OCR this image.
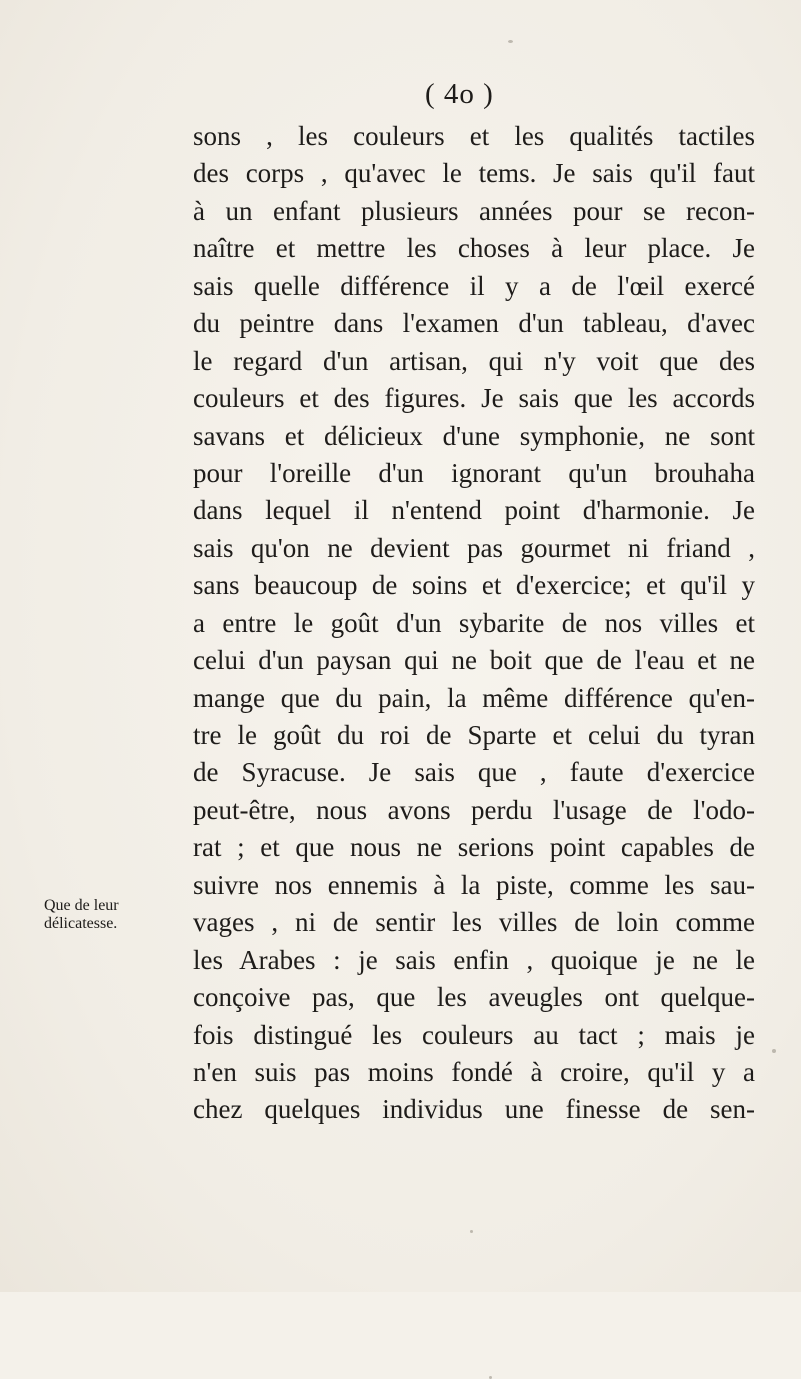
( 4o )
sons , les couleurs et les qualités tactiles
des corps , qu'avec le tems. Je sais qu'il faut
à un enfant plusieurs années pour se recon-
naître et mettre les choses à leur place. Je
sais quelle différence il y a de l'œil exercé
du peintre dans l'examen d'un tableau, d'avec
le regard d'un artisan, qui n'y voit que des
couleurs et des figures. Je sais que les accords
savans et délicieux d'une symphonie, ne sont
pour l'oreille d'un ignorant qu'un brouhaha
dans lequel il n'entend point d'harmonie. Je
sais qu'on ne devient pas gourmet ni friand ,
sans beaucoup de soins et d'exercice; et qu'il y
a entre le goût d'un sybarite de nos villes et
celui d'un paysan qui ne boit que de l'eau et ne
mange que du pain, la même différence qu'en-
tre le goût du roi de Sparte et celui du tyran
de Syracuse. Je sais que , faute d'exercice
peut-être, nous avons perdu l'usage de l'odo-
rat ; et que nous ne serions point capables de
suivre nos ennemis à la piste, comme les sau-
vages , ni de sentir les villes de loin comme
les Arabes : je sais enfin , quoique je ne le
conçoive pas, que les aveugles ont quelque-
fois distingué les couleurs au tact ; mais je
n'en suis pas moins fondé à croire, qu'il y a
chez quelques individus une finesse de sen-
Que de leur
délicatesse.
